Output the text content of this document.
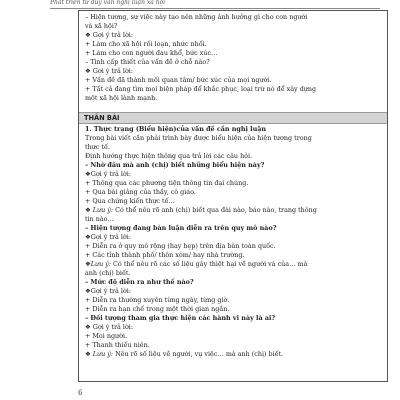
Phát triển tư duy văn nghị luận xã hội
THÂN BÀI
– Hiện tượng, sự việc này tạo nên những ảnh hưởng gì cho con người
và xã hội?
❖ Gợi ý trả lời:
+ Làm cho xã hội rối loạn, nhức nhối.
+ Làm cho con người đau khổ, bức xúc…
– Tình cấp thiết của vấn đề ở chỗ nào?
❖ Gợi ý trả lời:
+ Vấn đề đã thành mối quan tâm/ bức xúc của mọi người.
+ Tất cả đang tìm mọi biện pháp để khắc phục, loại trừ nó để xây dựng
một xã hội lành mạnh.
1. Thực trạng (Biểu hiện)của vấn đề cần nghị luận
Trong bài viết cần phải trình bày được biểu hiện của hiện tượng trong
thực tế.
Định hướng thực hiện thông qua trả lời các câu hỏi.
– Nhờ đâu mà anh (chị) biết những biểu hiện này?
❖Gợi ý trả lời:
+ Thông qua các phương tiện thông tin đại chúng.
+ Qua bài giảng của thầy, cô giáo.
+ Qua chứng kiến thực tế…
❖ Lưu ý: Có thể nêu rõ anh (chị) biết qua đài nào, báo nào, trang thông
tin nào…
– Hiện tượng đang bàn luận diễn ra trên quy mô nào?
❖Gợi ý trả lời:
+ Diễn ra ở quy mô rộng (hay hẹp) trên địa bàn toàn quốc.
+ Các tỉnh thành phố/ thôn xóm/ hay nhà trường.
❖Lưu ý: Có thể nêu rõ các số liệu gây thiệt hại về người và của… mà
anh (chị) biết.
– Mức độ diễn ra như thế nào?
❖Gợi ý trả lời:
+ Diễn ra thường xuyên từng ngày, từng giờ.
+ Diễn ra hạn chế trong một thời gian ngắn.
– Đối tượng tham gia thực hiện các hành vi này là ai?
❖ Gợi ý trả lời:
+ Mọi người.
+ Thanh thiếu niên.
❖ Lưu ý: Nêu rõ số liệu về người, vụ việc… mà anh (chị) biết.
6
